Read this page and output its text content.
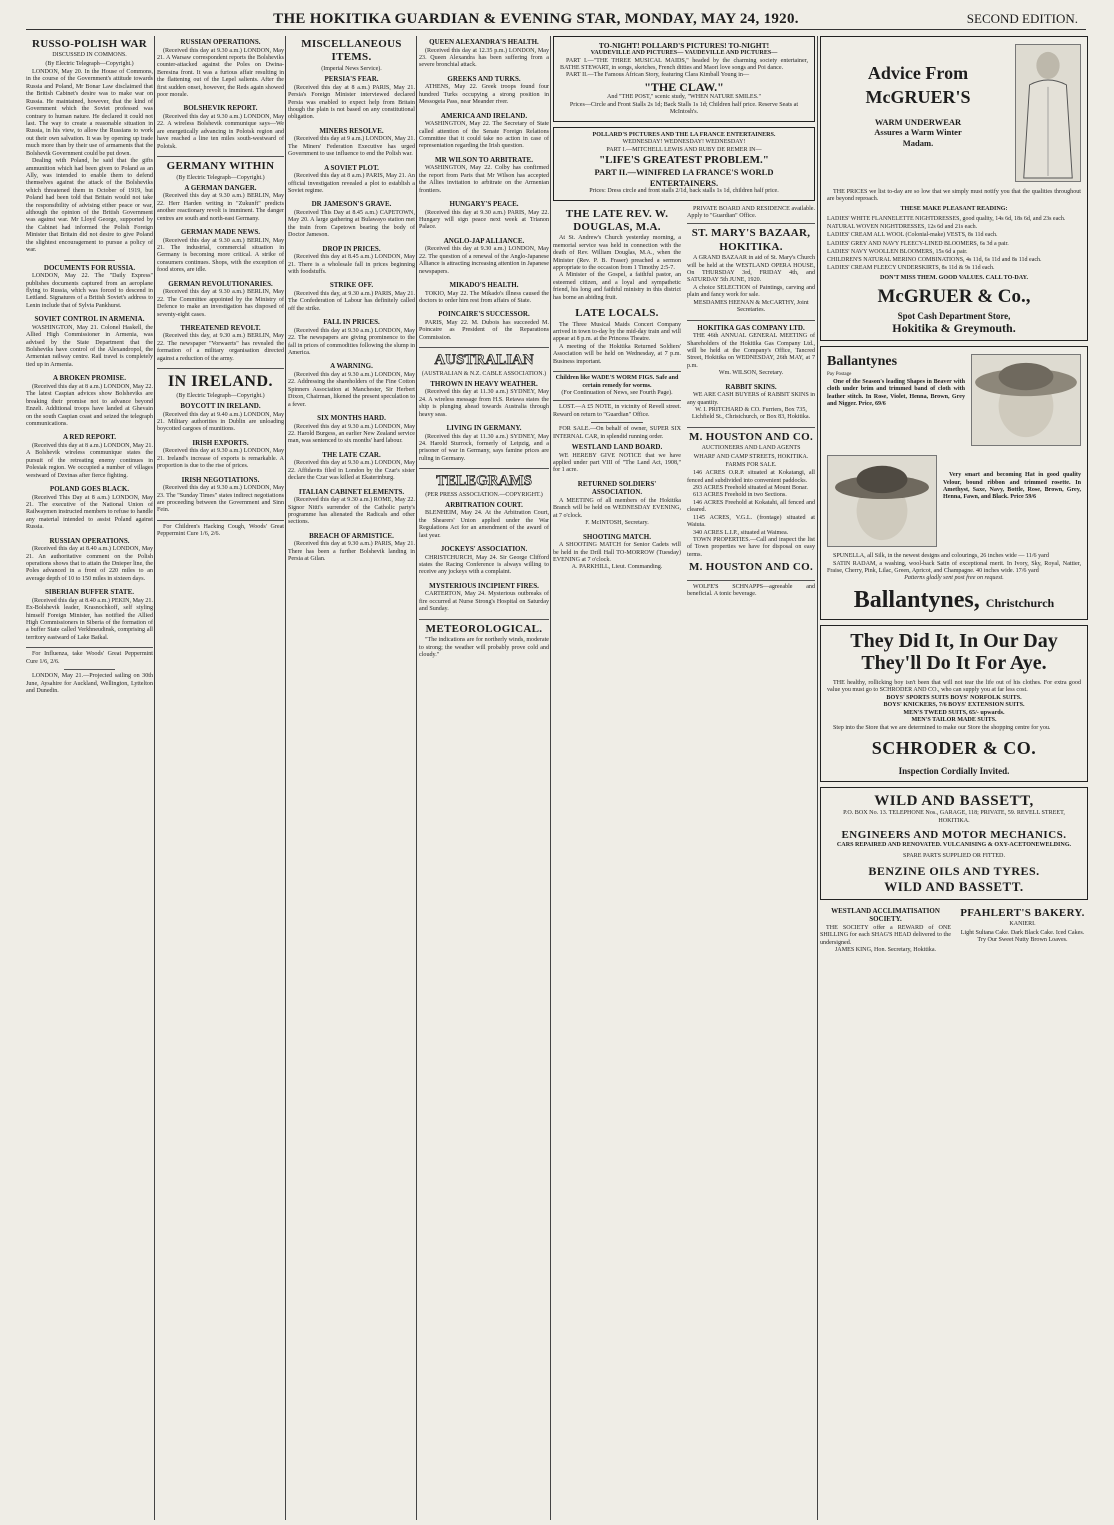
THE HOKITIKA GUARDIAN & EVENING STAR, MONDAY, MAY 24, 1920.	SECOND EDITION.
RUSSO-POLISH WAR
DISCUSSED IN COMMONS.
(By Electric Telegraph—Copyright.)
LONDON, May 20. In the House of Commons, in the course of the Government's attitude towards Russia and Poland, Mr Bonar Law disclaimed that the British Cabinet's desire was to make war on Russia. He maintained, however, that the kind of Government which the Soviet professed was contrary to human nature. He declared it could not last. The way to create a reasonable situation in Russia, in his view, to allow the Russians to work out their own salvation. It was by opening up trade much more than by their use of armaments that the Bolshevik Government could be put down.
Dealing with Poland, he said that the gifts ammunition which had been given to Poland as an Ally, was intended to enable them to defend themselves against the attack of the Bolsheviks which threatened them in October of 1919, but Poland had been told that Britain would not take the responsibility of advising either peace or war, although the opinion of the British Government was against war. Mr Lloyd George, supported by the Cabinet had informed the Polish Foreign Minister that Britain did not desire to give Poland the slightest encouragement to pursue a policy of war.
DOCUMENTS FOR RUSSIA.
LONDON, May 22. The "Daily Express" publishes documents captured from an aeroplane flying to Russia, which was forced to descend in Lettland. Signatures of a British Soviet's address to Lenin include that of Sylvia Pankhurst.
SOVIET CONTROL IN ARMENIA.
WASHINGTON, May 21. Colonel Haskell, the Allied High Commissioner in Armenia, was advised by the State Department that the Bolsheviks have control of the Alexandropol, the Armenian railway centre. Rail travel is completely tied up in Armenia.
A BROKEN PROMISE.
(Received this day at 8 a.m.) LONDON, May 22. The latest Caspian advices show Bolsheviks are breaking their promise not to advance beyond Enzeli. Additional troops have landed at Ghevain on the south Caspian coast and seized the telegraph communications.
A RED REPORT.
(Received this day at 8 a.m.) LONDON, May 21. A Bolshevik wireless communique states the pursuit of the retreating enemy continues in Polesiak region. We occupied a number of villages westward of Dzvinas after fierce fighting.
POLAND GOES BLACK.
(Received This Day at 8 a.m.) LONDON, May 21. The executive of the National Union of Railwaymen instructed members to refuse to handle any material intended to assist Poland against Russia.
RUSSIAN OPERATIONS.
(Received this day at 8.40 a.m.) LONDON, May 21. An authoritative comment on the Polish operations shows that to attain the Dnieper line, the Poles advanced in a front of 220 miles to an average depth of 10 to 150 miles in sixteen days.
SIBERIAN BUFFER STATE.
(Received this day at 8.40 a.m.) PEKIN, May 21. Ex-Bolshevik leader, Krasnochkoff, self styling himself Foreign Minister, has notified the Allied High Commissioners in Siberia of the formation of a buffer State called Verkhneudinsk, comprising all territory eastward of Lake Baikal.
For Influenza, take Woods' Great Peppermint Cure 1/6, 2/6.
LONDON, May 21.—Projected sailing on 30th June, Aysahire for Auckland, Wellington, Lyttelton and Dunedin.
RUSSIAN OPERATIONS.
(Received this day at 9.30 a.m.) LONDON, May 21. A Warsaw correspondent reports the Bolsheviks counter-attacked against the Poles on Dwina-Beresina front. It was a furious affair resulting in the flattening out of the Lepel salients. After the first sudden onset, however, the Reds again showed poor morale.
BOLSHEVIK REPORT.
(Received this day at 9.30 a.m.) LONDON, May 22. A wireless Bolshevik communique says—We are energetically advancing in Polotsk region and have reached a line ten miles south-westward of Polotsk.
GERMANY WITHIN
(By Electric Telegraph—Copyright.)
A GERMAN DANGER.
(Received this day at 9.30 a.m.) BERLIN, May 22. Herr Harden writing in "Zukunft" predicts another reactionary revolt is imminent. The danger centres are south and north-east Germany.
GERMAN MADE NEWS.
(Received this day at 9.30 a.m.) BERLIN, May 21. The industrial, commercial situation in Germany is becoming more critical. A strike of consumers continues. Shops, with the exception of food stores, are idle.
GERMAN REVOLUTIONARIES.
(Received this day at 9.30 a.m.) BERLIN, May 22. The Committee appointed by the Ministry of Defence to make an investigation has disposed of seventy-eight cases.
THREATENED REVOLT.
(Received this day, at 9.30 a.m.) BERLIN, May 22. The newspaper "Vorwaerts" has revealed the formation of a military organisation directed against a reduction of the army.
IN IRELAND.
(By Electric Telegraph—Copyright.)
BOYCOTT IN IRELAND.
(Received this day at 9.40 a.m.) LONDON, May 21. Military authorities in Dublin are unloading boycotted cargoes of munitions.
IRISH EXPORTS.
(Received this day at 9.30 a.m.) LONDON, May 21. Ireland's increase of exports is remarkable. A proportion is due to the rise of prices.
IRISH NEGOTIATIONS.
(Received this day at 9.30 a.m.) LONDON, May 23. The "Sunday Times" states indirect negotiations are proceeding between the Government and Sinn Fein.
For Children's Hacking Cough, Woods' Great Peppermint Cure 1/6, 2/6.
MISCELLANEOUS ITEMS.
(Imperial News Service).
PERSIA'S FEAR.
(Received this day at 8 a.m.) PARIS, May 21. Persia's Foreign Minister interviewed declared Persia was enabled to expect help from Britain though the plain is not based on any constitutional obligation.
MINERS RESOLVE.
(Received this day at 9 a.m.) LONDON, May 21. The Miners' Federation Executive has urged Government to use influence to end the Polish war.
A SOVIET PLOT.
(Received this day at 8 a.m.) PARIS, May 21. An official investigation revealed a plot to establish a Soviet regime.
DR JAMESON'S GRAVE.
(Received This Day at 8.45 a.m.) CAPETOWN, May 20. A large gathering at Bulawayo station met the train from Capetown bearing the body of Doctor Jameson.
DROP IN PRICES.
(Received this day at 8.45 a.m.) LONDON, May 21. There is a wholesale fall in prices beginning with foodstuffs.
STRIKE OFF.
(Received this day, at 9.30 a.m.) PARIS, May 21. The Confederation of Labour has definitely called off the strike.
FALL IN PRICES.
(Received this day at 9.30 a.m.) LONDON, May 22. The newspapers are giving prominence to the fall in prices of commodities following the slump in America.
A WARNING.
(Received this day at 9.30 a.m.) LONDON, May 22. Addressing the shareholders of the Fine Cotton Spinners Association at Manchester, Sir Herbert Dixon, Chairman, likened the present speculation to a fever.
SIX MONTHS HARD.
(Received this day at 9.30 a.m.) LONDON, May 22. Harold Burgess, an earlier New Zealand service man, was sentenced to six months' hard labour.
THE LATE CZAR.
(Received this day at 9.30 a.m.) LONDON, May 22. Affidavits filed in London by the Czar's sister declare the Czar was killed at Ekaterinburg.
ITALIAN CABINET ELEMENTS.
(Received this day at 9.30 a.m.) ROME, May 22. Signor Nitti's surrender of the Catholic party's programme has alienated the Radicals and other sections.
BREACH OF ARMISTICE.
(Received this day at 9.30 a.m.) PARIS, May 21. There has been a further Bolshevik landing in Persia at Gilan.
QUEEN ALEXANDRA'S HEALTH.
(Received this day at 12.35 p.m.) LONDON, May 23. Queen Alexandra has been suffering from a severe bronchial attack.
GREEKS AND TURKS.
ATHENS, May 22. Greek troops found four hundred Turks occupying a strong position in Messogeia Pass, near Meander river.
AMERICA AND IRELAND.
WASHINGTON, May 22. The Secretary of State called attention of the Senate Foreign Relations Committee that it could take no action in case of representation regarding the Irish question.
MR WILSON TO ARBITRATE.
WASHINGTON, May 22. Colby has confirmed the report from Paris that Mr Wilson has accepted the Allies invitation to arbitrate on the Armenian frontiers.
HUNGARY'S PEACE.
(Received this day at 9.30 a.m.) PARIS, May 22. Hungary will sign peace next week at Trianon Palace.
ANGLO-JAP ALLIANCE.
(Received this day at 9.30 a.m.) LONDON, May 22. The question of a renewal of the Anglo-Japanese Alliance is attracting increasing attention in Japanese newspapers.
MIKADO'S HEALTH.
TOKIO, May 22. The Mikado's illness caused the doctors to order him rest from affairs of State.
POINCAIRE'S SUCCESSOR.
PARIS, May 22. M. Dubois has succeeded M. Poincaire as President of the Reparations Commission.
AUSTRALIAN
(AUSTRALIAN & N.Z. CABLE ASSOCIATION.)
THROWN IN HEAVY WEATHER.
(Received this day at 11.30 a.m.) SYDNEY, May 24. A wireless message from H.S. Retawa states the ship is plunging ahead towards Australia through heavy seas.
LIVING IN GERMANY.
(Received this day at 11.30 a.m.) SYDNEY, May 24. Harold Sturrock, formerly of Leipzig, and a prisoner of war in Germany, says famine prices are ruling in Germany.
TELEGRAMS
(PER PRESS ASSOCIATION.—COPYRIGHT.)
ARBITRATION COURT.
BLENHEIM, May 24. At the Arbitration Court, the Shearers' Union applied under the War Regulations Act for an amendment of the award of last year.
JOCKEYS' ASSOCIATION.
CHRISTCHURCH, May 24. Sir George Clifford states the Racing Conference is always willing to receive any jockeys with a complaint.
MYSTERIOUS INCIPIENT FIRES.
CARTERTON, May 24. Mysterious outbreaks of fire occurred at Nurse Strong's Hospital on Saturday and Sunday.
METEOROLOGICAL.
"The indications are for northerly winds, moderate to strong; the weather will probably prove cold and cloudy."
TO-NIGHT! POLLARD'S PICTURES! TO-NIGHT!
VAUDEVILLE AND PICTURES— VAUDEVILLE AND PICTURES—
PART I.—"THE THREE MUSICAL MAIDS," headed by the charming society entertainer, BATHE STEWART, in songs, sketches, French ditties and Maori love songs and Poi dance.
PART II.—The Famous African Story, featuring Clara Kimball Young in—
"THE CLAW."
And "THE POST," scenic study, "WHEN NATURE SMILES."
Prices—Circle and Front Stalls 2s 1d; Back Stalls 1s 1d; Children half price. Reserve Seats at McIntosh's.
POLLARD'S PICTURES AND THE LA FRANCE ENTERTAINERS.
WEDNESDAY! WEDNESDAY! WEDNESDAY!
PART I.—MITCHELL LEWIS AND RUBY DE REMER IN—
"LIFE'S GREATEST PROBLEM."
PART II.—WINIFRED LA FRANCE'S WORLD ENTERTAINERS.
Prices: Dress circle and front stalls 2/1d, back stalls 1s 1d, children half price.
THE LATE REV. W. DOUGLAS, M.A.
At St. Andrew's Church yesterday morning, a memorial service was held in connection with the death of Rev. William Douglas, M.A., when the Minister (Rev. P. B. Fraser) preached a sermon appropriate to the occasion from 1 Timothy 2:5-7.
A Minister of the Gospel, a faithful pastor, an esteemed citizen, and a loyal and sympathetic friend, his long and faithful ministry in this district has borne an abiding fruit.
LATE LOCALS.
The Three Musical Maids Concert Company arrived in town to-day by the mid-day train and will appear at 8 p.m. at the Princess Theatre.
A meeting of the Hokitika Returned Soldiers' Association will be held on Wednesday, at 7 p.m. Business important.
Children like WADE'S WORM FIGS. Safe and certain remedy for worms.
(For Continuation of News, see Fourth Page).
LOST.—A £5 NOTE, in vicinity of Revell street. Reward on return to "Guardian" Office.
FOR SALE.—On behalf of owner, SUPER SIX INTERNAL CAR, in splendid running order.
WESTLAND LAND BOARD.
WE HEREBY GIVE NOTICE that we have applied under part VIII of "The Land Act, 1908," for 1 acre.
RETURNED SOLDIERS' ASSOCIATION.
A MEETING of all members of the Hokitika Branch will be held on WEDNESDAY EVENING, at 7 o'clock.
F. McINTOSH, Secretary.
SHOOTING MATCH.
A SHOOTING MATCH for Senior Cadets will be held in the Drill Hall TO-MORROW (Tuesday) EVENING at 7 o'clock.
A. PARKHILL, Lieut. Commanding.
PRIVATE BOARD AND RESIDENCE available. Apply to "Guardian" Office.
ST. MARY'S BAZAAR, HOKITIKA.
A GRAND BAZAAR in aid of St. Mary's Church will be held at the WESTLAND OPERA HOUSE, On THURSDAY 3rd, FRIDAY 4th, and SATURDAY 5th JUNE, 1920.
A choice SELECTION of Paintings, carving and plain and fancy work for sale.
MESDAMES HEENAN & McCARTHY, Joint Secretaries.
HOKITIKA GAS COMPANY LTD.
THE 46th ANNUAL GENERAL MEETING of Shareholders of the Hokitika Gas Company Ltd., will be held at the Company's Office, Tancred Street, Hokitika on WEDNESDAY, 26th MAY, at 7 p.m.
Wm. WILSON, Secretary.
RABBIT SKINS.
WE ARE CASH BUYERS of RABBIT SKINS in any quantity.
W. I. PRITCHARD & CO. Furriers, Box 735, Lichfield St., Christchurch, or Box 83, Hokitika.
M. HOUSTON AND CO.
AUCTIONEERS AND LAND AGENTS
WHARF AND CAMP STREETS, HOKITIKA.
FARMS FOR SALE.
146 ACRES O.R.P. situated at Kokatangi, all fenced and subdivided into convenient paddocks.
293 ACRES Freehold situated at Mount Bonar.
613 ACRES Freehold in two Sections.
146 ACRES Freehold at Kokatahi, all fenced and cleared.
1145 ACRES, V.G.L. (frontage) situated at Waiuta.
340 ACRES L.I.P., situated at Waimea.
TOWN PROPERTIES.—Call and inspect the list of Town properties we have for disposal on easy terms.
M. HOUSTON AND CO.
WOLFE'S SCHNAPPS—agreeable and beneficial. A tonic beverage.
Advice From
McGRUER'S
WARM UNDERWEAR
Assures a Warm Winter
Madam.
THE PRICES we list to-day are so low that we simply must notify you that the qualities throughout are beyond reproach.
THESE MAKE PLEASANT READING:
LADIES' WHITE FLANNELETTE NIGHTDRESSES, good quality, 14s 6d, 18s 6d, and 23s each.
NATURAL WOVEN NIGHTDRESSES, 12s 6d and 21s each.
LADIES' CREAM ALL WOOL (Colonial-make) VESTS, 8s 11d each.
LADIES' GREY AND NAVY FLEECY-LINED BLOOMERS, 6s 3d a pair.
LADIES' NAVY WOOLLEN BLOOMERS, 15s 6d a pair.
CHILDREN'S NATURAL MERINO COMBINATIONS, 4s 11d, 6s 11d and 8s 11d each.
LADIES' CREAM FLEECY UNDERSKIRTS, 8s 11d & 9s 11d each.
DON'T MISS THEM. GOOD VALUES. CALL TO-DAY.
McGRUER & Co.,
Spot Cash Department Store,
Hokitika & Greymouth.
Ballantynes
Pay Postage
One of the Season's leading Shapes in Beaver with cloth under brim and trimmed band of cloth with leather stitch. In Rose, Violet, Henna, Brown, Grey and Nigger. Price, 69/6
Very smart and becoming Hat in good quality Velour, bound ribbon and trimmed rosette. In Amethyst, Saxe, Navy, Bottle, Rose, Brown, Grey, Henna, Fawn, and Black. Price 59/6
SPUNELLA, all Silk, in the newest designs and colourings, 26 inches wide — 11/6 yard
SATIN RADAM, a washing, wool-back Satin of exceptional merit. In Ivory, Sky, Royal, Nattier, Fraise, Cherry, Pink, Lilac, Green, Apricot, and Champagne. 40 inches wide. 17/6 yard
Patterns gladly sent post free on request.
Ballantynes, Christchurch
They Did It, In Our Day
They'll Do It For Aye.
THE healthy, rollicking boy isn't been that will not tear the life out of his clothes. For extra good value you must go to SCHRODER AND CO., who can supply you at far less cost.
BOYS' SPORTS SUITS BOYS' NORFOLK SUITS.
BOYS' KNICKERS, 7/6 BOYS' EXTENSION SUITS.
MEN'S TWEED SUITS, 65/- upwards.
MEN'S TAILOR MADE SUITS.
Step into the Store that we are determined to make our Store the shopping centre for you.
SCHRODER & CO.
Inspection Cordially Invited.
WILD AND BASSETT,
P.O. BOX No. 13. TELEPHONE Nos., GARAGE, 118; PRIVATE, 59. REVELL STREET, HOKITIKA.
ENGINEERS AND MOTOR MECHANICS.
CARS REPAIRED AND RENOVATED. VULCANISING & OXY-ACETONEWELDING.
SPARE PARTS SUPPLIED OR FITTED.
BENZINE OILS AND TYRES.
WILD AND BASSETT.
WESTLAND ACCLIMATISATION SOCIETY.
THE SOCIETY offer a REWARD of ONE SHILLING for each SHAG'S HEAD delivered to the undersigned.
JAMES KING, Hon. Secretary, Hokitika.
PFAHLERT'S BAKERY.
KANIERI.
Light Sultana Cake. Dark Black Cake. Iced Cakes.
Try Our Sweet Nutty Brown Loaves.
